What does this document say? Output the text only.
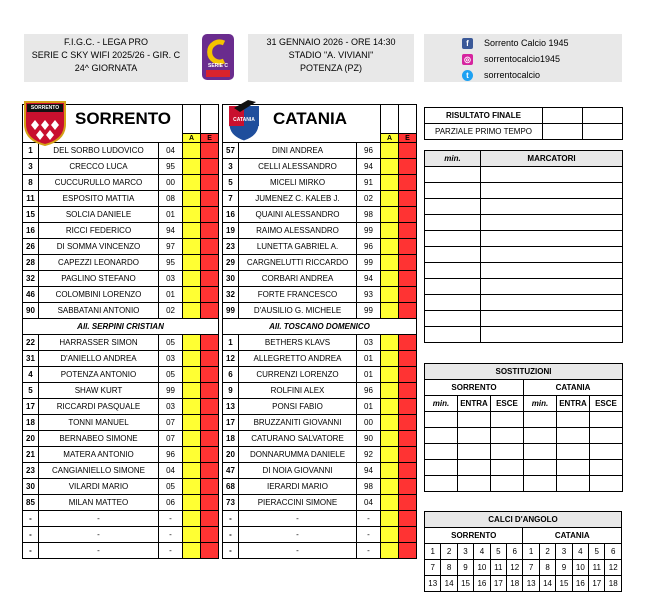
F.I.G.C. - LEGA PRO
SERIE C SKY WIFI 2025/26 - GIR. C
24^ GIORNATA	SERIE C
31 GENNAIO 2026 - ORE 14:30
STADIO "A. VIVIANI"
POTENZA (PZ)
f	Sorrento Calcio 1945
◎ sorrentocalcio1945
t	sorrentocalcio
SORRENTO
SORRENTO				
			A	E
1	DEL SORBO LUDOVICO	04		
3	CRECCO LUCA	95		
8	CUCCURULLO MARCO	00		
11	ESPOSITO MATTIA	08		
15	SOLCIA DANIELE	01		
16	RICCI FEDERICO	94		
26	DI SOMMA VINCENZO	97		
28	CAPEZZI LEONARDO	95		
32	PAGLINO STEFANO	03		
46	COLOMBINI LORENZO	01		
90	SABBATANI ANTONIO	02		
All. SERPINI CRISTIAN				
22	HARRASSER SIMON	05		
31	D'ANIELLO ANDREA	03		
4	POTENZA ANTONIO	05		
5	SHAW KURT	99		
17	RICCARDI PASQUALE	03		
18	TONNI MANUEL	07		
20	BERNABEO SIMONE	07		
21	MATERA ANTONIO	96		
23	CANGIANIELLO SIMONE	04		
30	VILARDI MARIO	05		
85	MILAN MATTEO	06		
-	-	-		
-	-	-		
-	-	-		
CATANIA CATANIA				
			A	E
57	DINI ANDREA	96		
3	CELLI ALESSANDRO	94		
5	MICELI MIRKO	91		
7	JUMENEZ C. KALEB J.	02		
16	QUAINI ALESSANDRO	98		
19	RAIMO ALESSANDRO	99		
23	LUNETTA GABRIEL A.	96		
29	CARGNELUTTI RICCARDO	99		
30	CORBARI ANDREA	94		
32	FORTE FRANCESCO	93		
99	D'AUSILIO G. MICHELE	99		
All. TOSCANO DOMENICO				
1	BETHERS KLAVS	03		
12	ALLEGRETTO ANDREA	01		
6	CURRENZI LORENZO	01		
9	ROLFINI ALEX	96		
13	PONSI FABIO	01		
17	BRUZZANITI GIOVANNI	00		
18	CATURANO SALVATORE	90		
20	DONNARUMMA DANIELE	92		
47	DI NOIA GIOVANNI	94		
68	IERARDI MARIO	98		
73	PIERACCINI SIMONE	04		
-	-	-		
-	-	-		
-	-	-		
RISULTATO FINALE		
PARZIALE PRIMO TEMPO		
min.	MARCATORI

SOSTITUZIONI					
SORRENTO			CATANIA		
min.	ENTRA	ESCE	min.	ENTRA	ESCE

CALCI D'ANGOLO											
SORRENTO						CATANIA					
1	2	3	4	5	6	1	2	3	4	5	6
7	8	9	10	11	12	7	8	9	10	11	12
13	14	15	16	17	18	13	14	15	16	17	18
